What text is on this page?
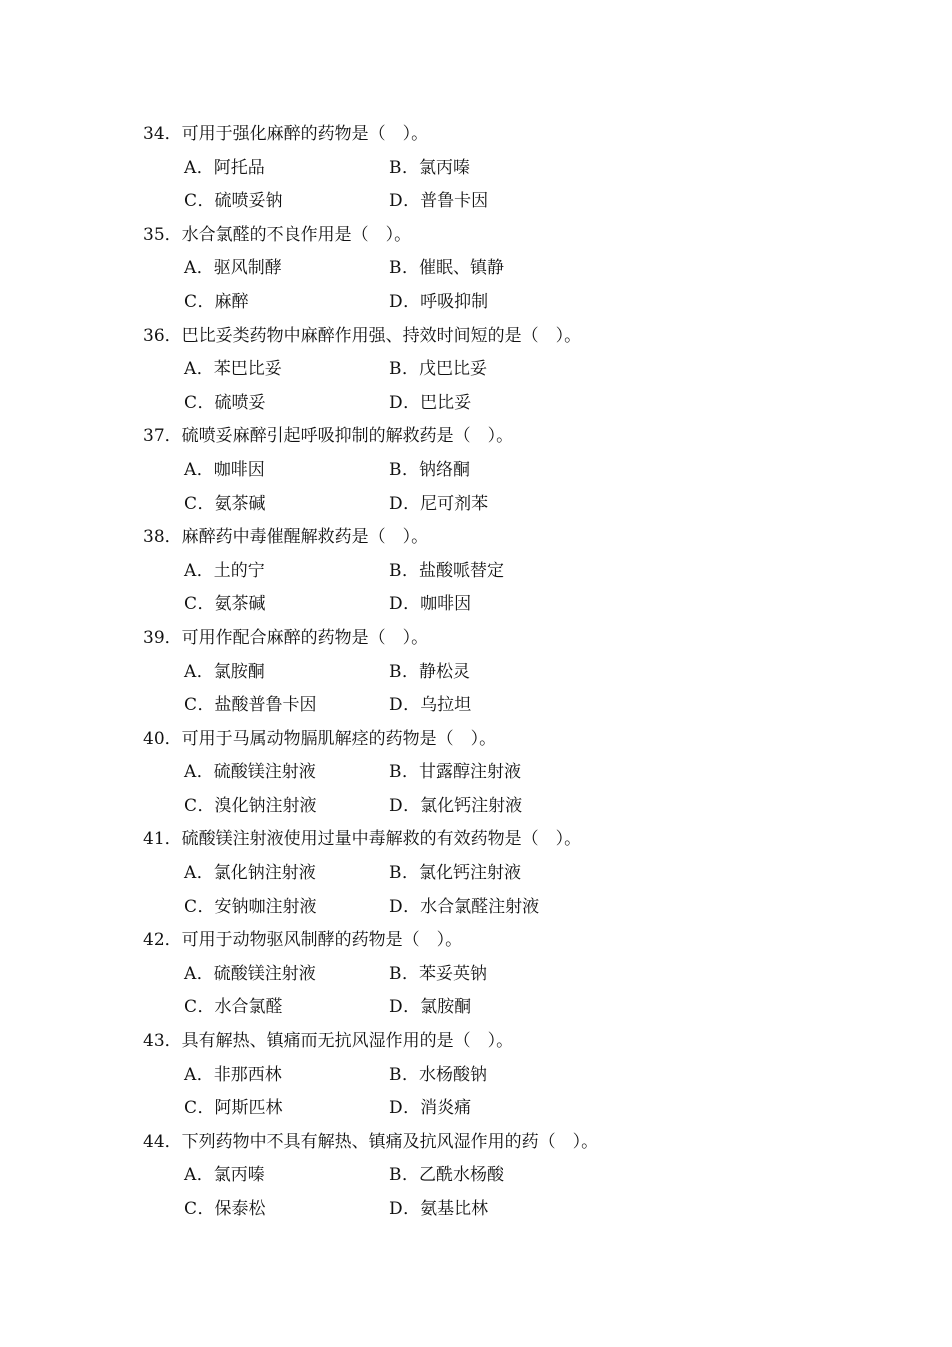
34．可用于强化麻醉的药物是（　）。
A．阿托品	B．氯丙嗪
C．硫喷妥钠	D．普鲁卡因
35．水合氯醛的不良作用是（　）。
A．驱风制酵	B．催眠、镇静
C．麻醉	D．呼吸抑制
36．巴比妥类药物中麻醉作用强、持效时间短的是（　）。
A．苯巴比妥	B．戊巴比妥
C．硫喷妥	D．巴比妥
37．硫喷妥麻醉引起呼吸抑制的解救药是（　）。
A．咖啡因	B．钠络酮
C．氨茶碱	D．尼可剂苯
38．麻醉药中毒催醒解救药是（　）。
A．土的宁	B．盐酸哌替定
C．氨茶碱	D．咖啡因
39．可用作配合麻醉的药物是（　）。
A．氯胺酮	B．静松灵
C．盐酸普鲁卡因	D．乌拉坦
40．可用于马属动物膈肌解痉的药物是（　）。
A．硫酸镁注射液	B．甘露醇注射液
C．溴化钠注射液	D．氯化钙注射液
41．硫酸镁注射液使用过量中毒解救的有效药物是（　）。
A．氯化钠注射液	B．氯化钙注射液
C．安钠咖注射液	D．水合氯醛注射液
42．可用于动物驱风制酵的药物是（　）。
A．硫酸镁注射液	B．苯妥英钠
C．水合氯醛	D．氯胺酮
43．具有解热、镇痛而无抗风湿作用的是（　）。
A．非那西林	B．水杨酸钠
C．阿斯匹林	D．消炎痛
44．下列药物中不具有解热、镇痛及抗风湿作用的药（　）。
A．氯丙嗪	B．乙酰水杨酸
C．保泰松	D．氨基比林
